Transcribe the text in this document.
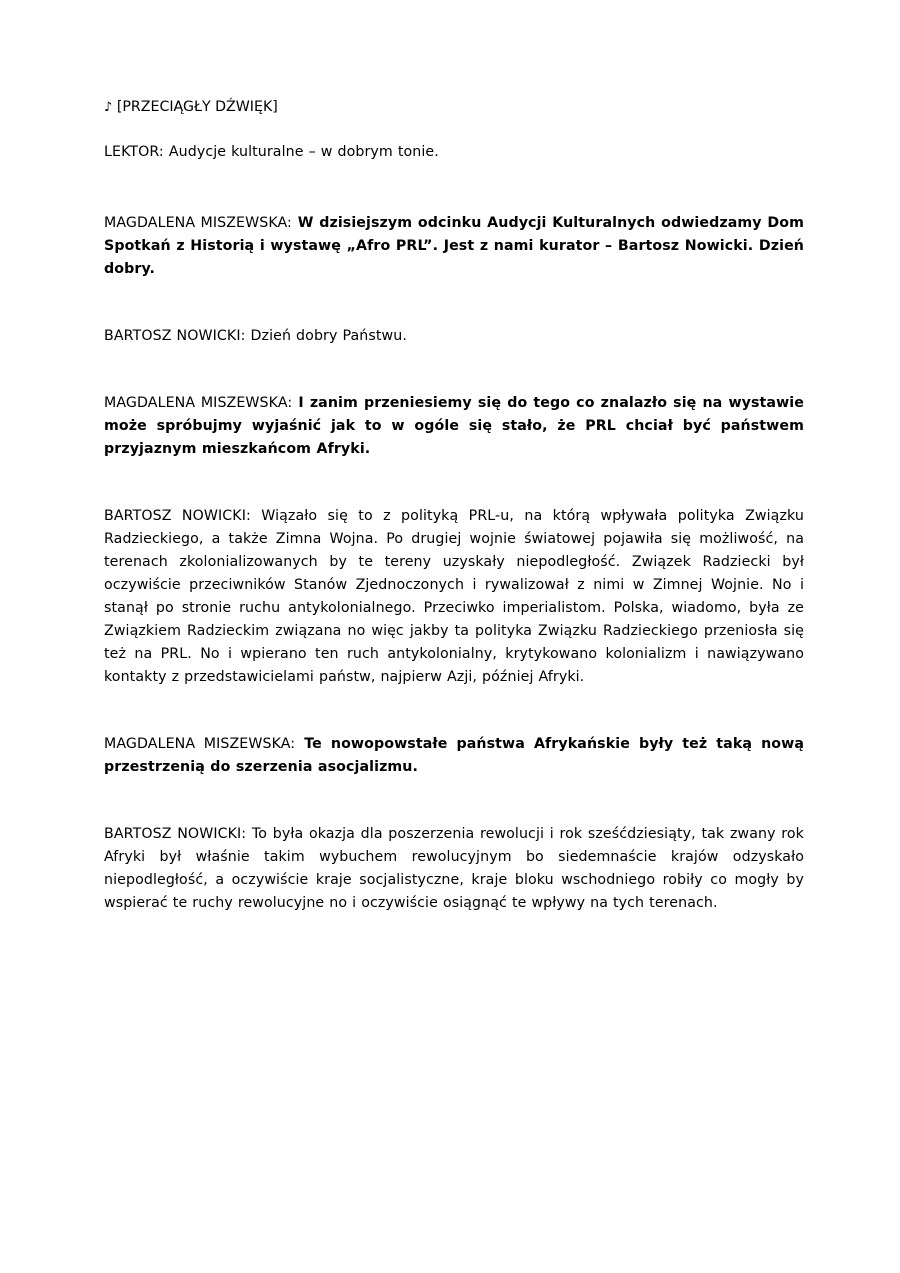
♪ [PRZECIĄGŁY DŹWIĘK]

LEKTOR: Audycje kulturalne – w dobrym tonie.

MAGDALENA MISZEWSKA: W dzisiejszym odcinku Audycji Kulturalnych odwiedzamy Dom Spotkań z Historią i wystawę „Afro PRL”. Jest z nami kurator – Bartosz Nowicki. Dzień dobry.

BARTOSZ NOWICKI: Dzień dobry Państwu.

MAGDALENA MISZEWSKA: I zanim przeniesiemy się do tego co znalazło się na wystawie może spróbujmy wyjaśnić jak to w ogóle się stało, że PRL chciał być państwem przyjaznym mieszkańcom Afryki.

BARTOSZ NOWICKI: Wiązało się to z polityką PRL-u, na którą wpływała polityka Związku Radzieckiego, a także Zimna Wojna. Po drugiej wojnie światowej pojawiła się możliwość, na terenach zkolonializowanych by te tereny uzyskały niepodległość. Związek Radziecki był oczywiście przeciwników Stanów Zjednoczonych i rywalizował z nimi w Zimnej Wojnie. No i stanął po stronie ruchu antykolonialnego. Przeciwko imperialistom. Polska, wiadomo, była ze Związkiem Radzieckim związana no więc jakby ta polityka Związku Radzieckiego przeniosła się też na PRL. No i wpierano ten ruch antykolonialny, krytykowano kolonializm i nawiązywano kontakty z przedstawicielami państw, najpierw Azji, później Afryki.

MAGDALENA MISZEWSKA: Te nowopowstałe państwa Afrykańskie były też taką nową przestrzenią do szerzenia asocjalizmu.

BARTOSZ NOWICKI: To była okazja dla poszerzenia rewolucji i rok sześćdziesiąty, tak zwany rok Afryki był właśnie takim wybuchem rewolucyjnym bo siedemnaście krajów odzyskało niepodległość, a oczywiście kraje socjalistyczne, kraje bloku wschodniego robiły co mogły by wspierać te ruchy rewolucyjne no i oczywiście osiągnąć te wpływy na tych terenach.
